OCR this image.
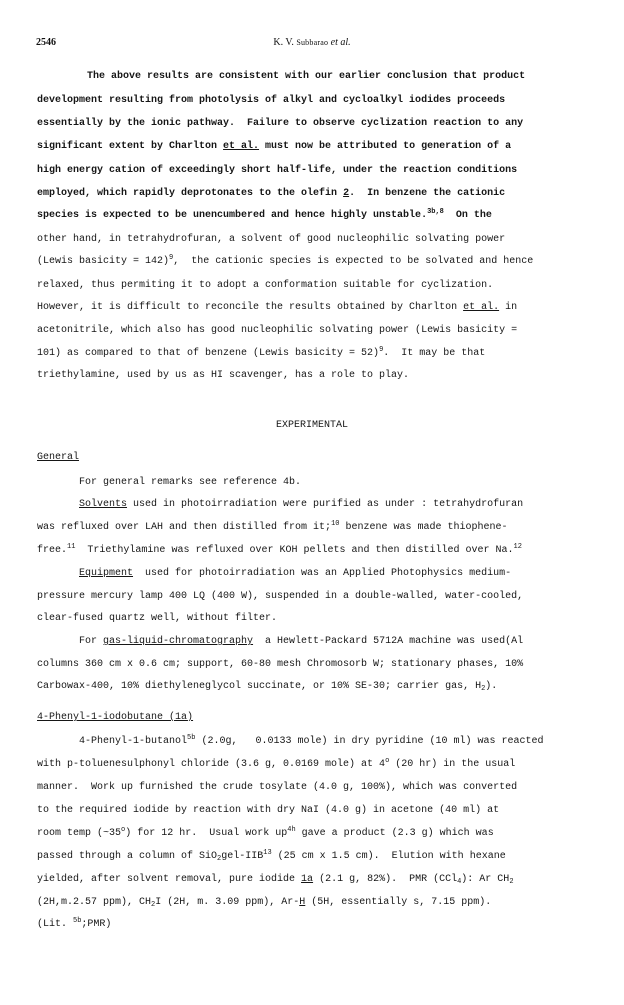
2546	K. V. Subbarao et al.
The above results are consistent with our earlier conclusion that product
development resulting from photolysis of alkyl and cycloalkyl iodides proceeds
essentially by the ionic pathway.  Failure to observe cyclization reaction to any
significant extent by Charlton et al. must now be attributed to generation of a
high energy cation of exceedingly short half-life, under the reaction conditions
employed, which rapidly deprotonates to the olefin 2.  In benzene the cationic
species is expected to be unencumbered and hence highly unstable.$^{3b,8}$  On the
other hand, in tetrahydrofuran, a solvent of good nucleophilic solvating power
(Lewis basicity = 142)$^9$,  the cationic species is expected to be solvated and hence
relaxed, thus permiting it to adopt a conformation suitable for cyclization.
However, it is difficult to reconcile the results obtained by Charlton et al. in
acetonitrile, which also has good nucleophilic solvating power (Lewis basicity =
101) as compared to that of benzene (Lewis basicity = 52)$^9$.  It may be that
triethylamine, used by us as HI scavenger, has a role to play.
EXPERIMENTAL
General
For general remarks see reference 4b.
Solvents used in photoirradiation were purified as under : tetrahydrofuran
was refluxed over LAH and then distilled from it;$^{10}$ benzene was made thiophene-
free.$^{11}$  Triethylamine was refluxed over KOH pellets and then distilled over Na.$^{12}$
Equipment  used for photoirradiation was an Applied Photophysics medium-
pressure mercury lamp 400 LQ (400 W), suspended in a double-walled, water-cooled,
clear-fused quartz well, without filter.
For gas-liquid-chromatography  a Hewlett-Packard 5712A machine was used(Al
columns 360 cm x 0.6 cm; support, 60-80 mesh Chromosorb W; stationary phases, 10%
Carbowax-400, 10% diethyleneglycol succinate, or 10% SE-30; carrier gas, $H_2$).
4-Phenyl-1-iodobutane (1a)
4-Phenyl-1-butanol$^{5b}$ (2.0g,   0.0133 mole) in dry pyridine (10 ml) was reacted
with p-toluenesulphonyl chloride (3.6 g, 0.0169 mole) at 4$^o$ (20 hr) in the usual
manner.  Work up furnished the crude tosylate (4.0 g, 100%), which was converted
to the required iodide by reaction with dry NaI (4.0 g) in acetone (40 ml) at
room temp (~35$^o$) for 12 hr.  Usual work $up^{4h}$ gave a product (2.3 g) which was
passed through a column of $SiO_2gel-IIB^{13}$ (25 cm x 1.5 cm).  Elution with hexane
yielded, after solvent removal, pure iodide 1a (2.1 g, 82%).  PMR (CCl$_4$): Ar $CH_2$
(2H,m.2.57 ppm), $CH_2I$ (2H, m. 3.09 ppm), Ar-H (5H, essentially s, 7.15 ppm).
(Lit. $^{5b}$;PMR)
